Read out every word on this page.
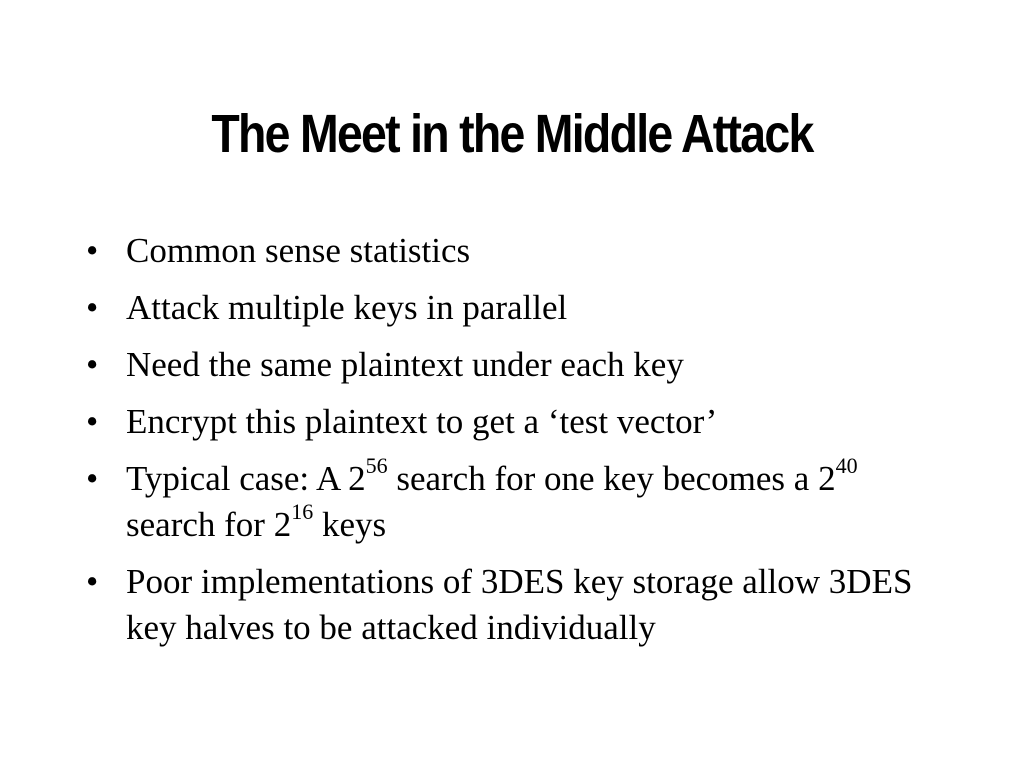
The Meet in the Middle Attack
• Common sense statistics
• Attack multiple keys in parallel
• Need the same plaintext under each key
• Encrypt this plaintext to get a ‘test vector’
• Typical case: A $2^{56}$ search for one key becomes a $2^{40}$ search for $2^{16}$ keys
• Poor implementations of 3DES key storage allow 3DES key halves to be attacked individually
